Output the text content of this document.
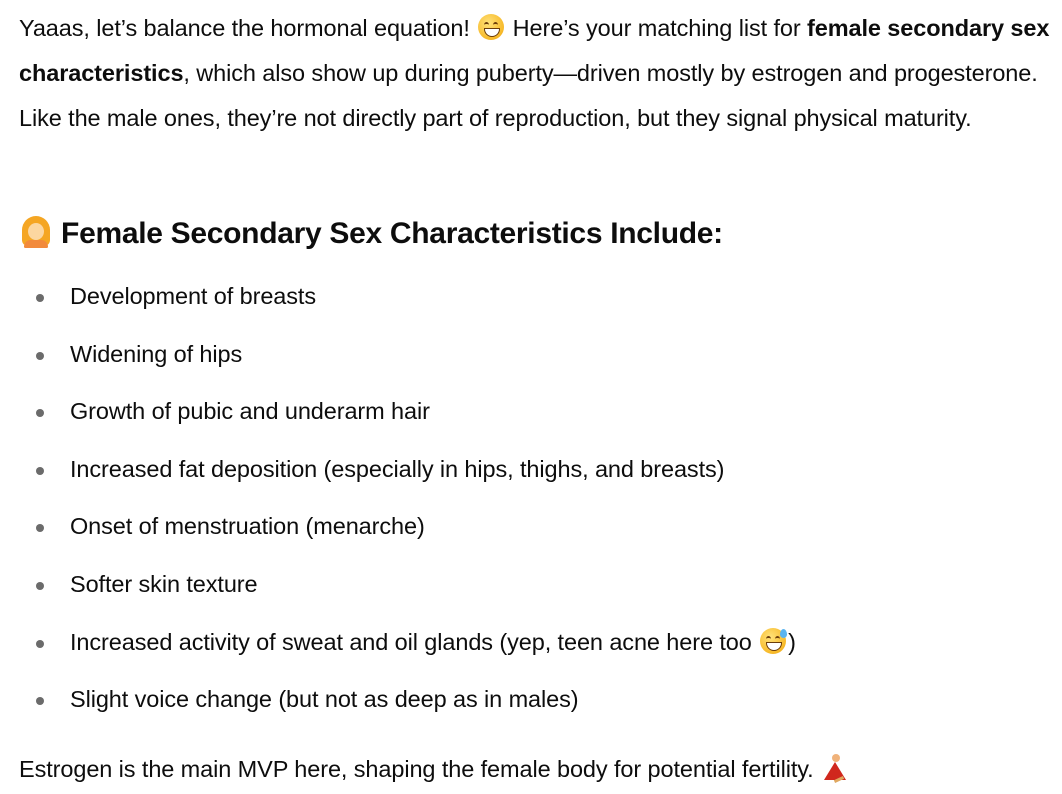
Yaaas, let’s balance the hormonal equation!
Here’s your matching list for female secondary sex characteristics, which also show up during puberty—driven mostly by estrogen and progesterone. Like the male ones, they’re not directly part of reproduction, but they signal physical maturity.

Female Secondary Sex Characteristics Include:
Development of breasts
Widening of hips
Growth of pubic and underarm hair
Increased fat deposition (especially in hips, thighs, and breasts)
Onset of menstruation (menarche)
Softer skin texture
Increased activity of sweat and oil glands (yep, teen acne here too
)
Slight voice change (but not as deep as in males)

Estrogen is the main MVP here, shaping the female body for potential fertility.
